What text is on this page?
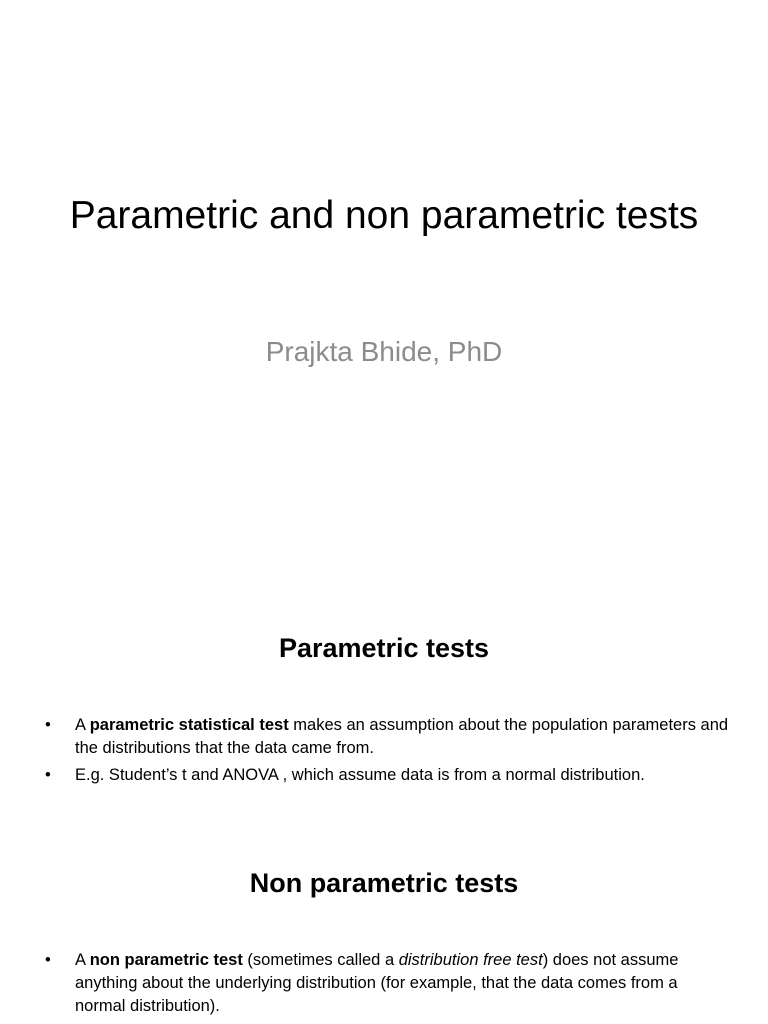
Parametric and non parametric tests

Prajkta Bhide, PhD

Parametric tests
• A parametric statistical test makes an assumption about the population parameters and the distributions that the data came from.
• E.g. Student’s t and ANOVA , which assume data is from a normal distribution.
Non parametric tests
• A non parametric test (sometimes called a distribution free test) does not assume anything about the underlying distribution (for example, that the data comes from a normal distribution).
